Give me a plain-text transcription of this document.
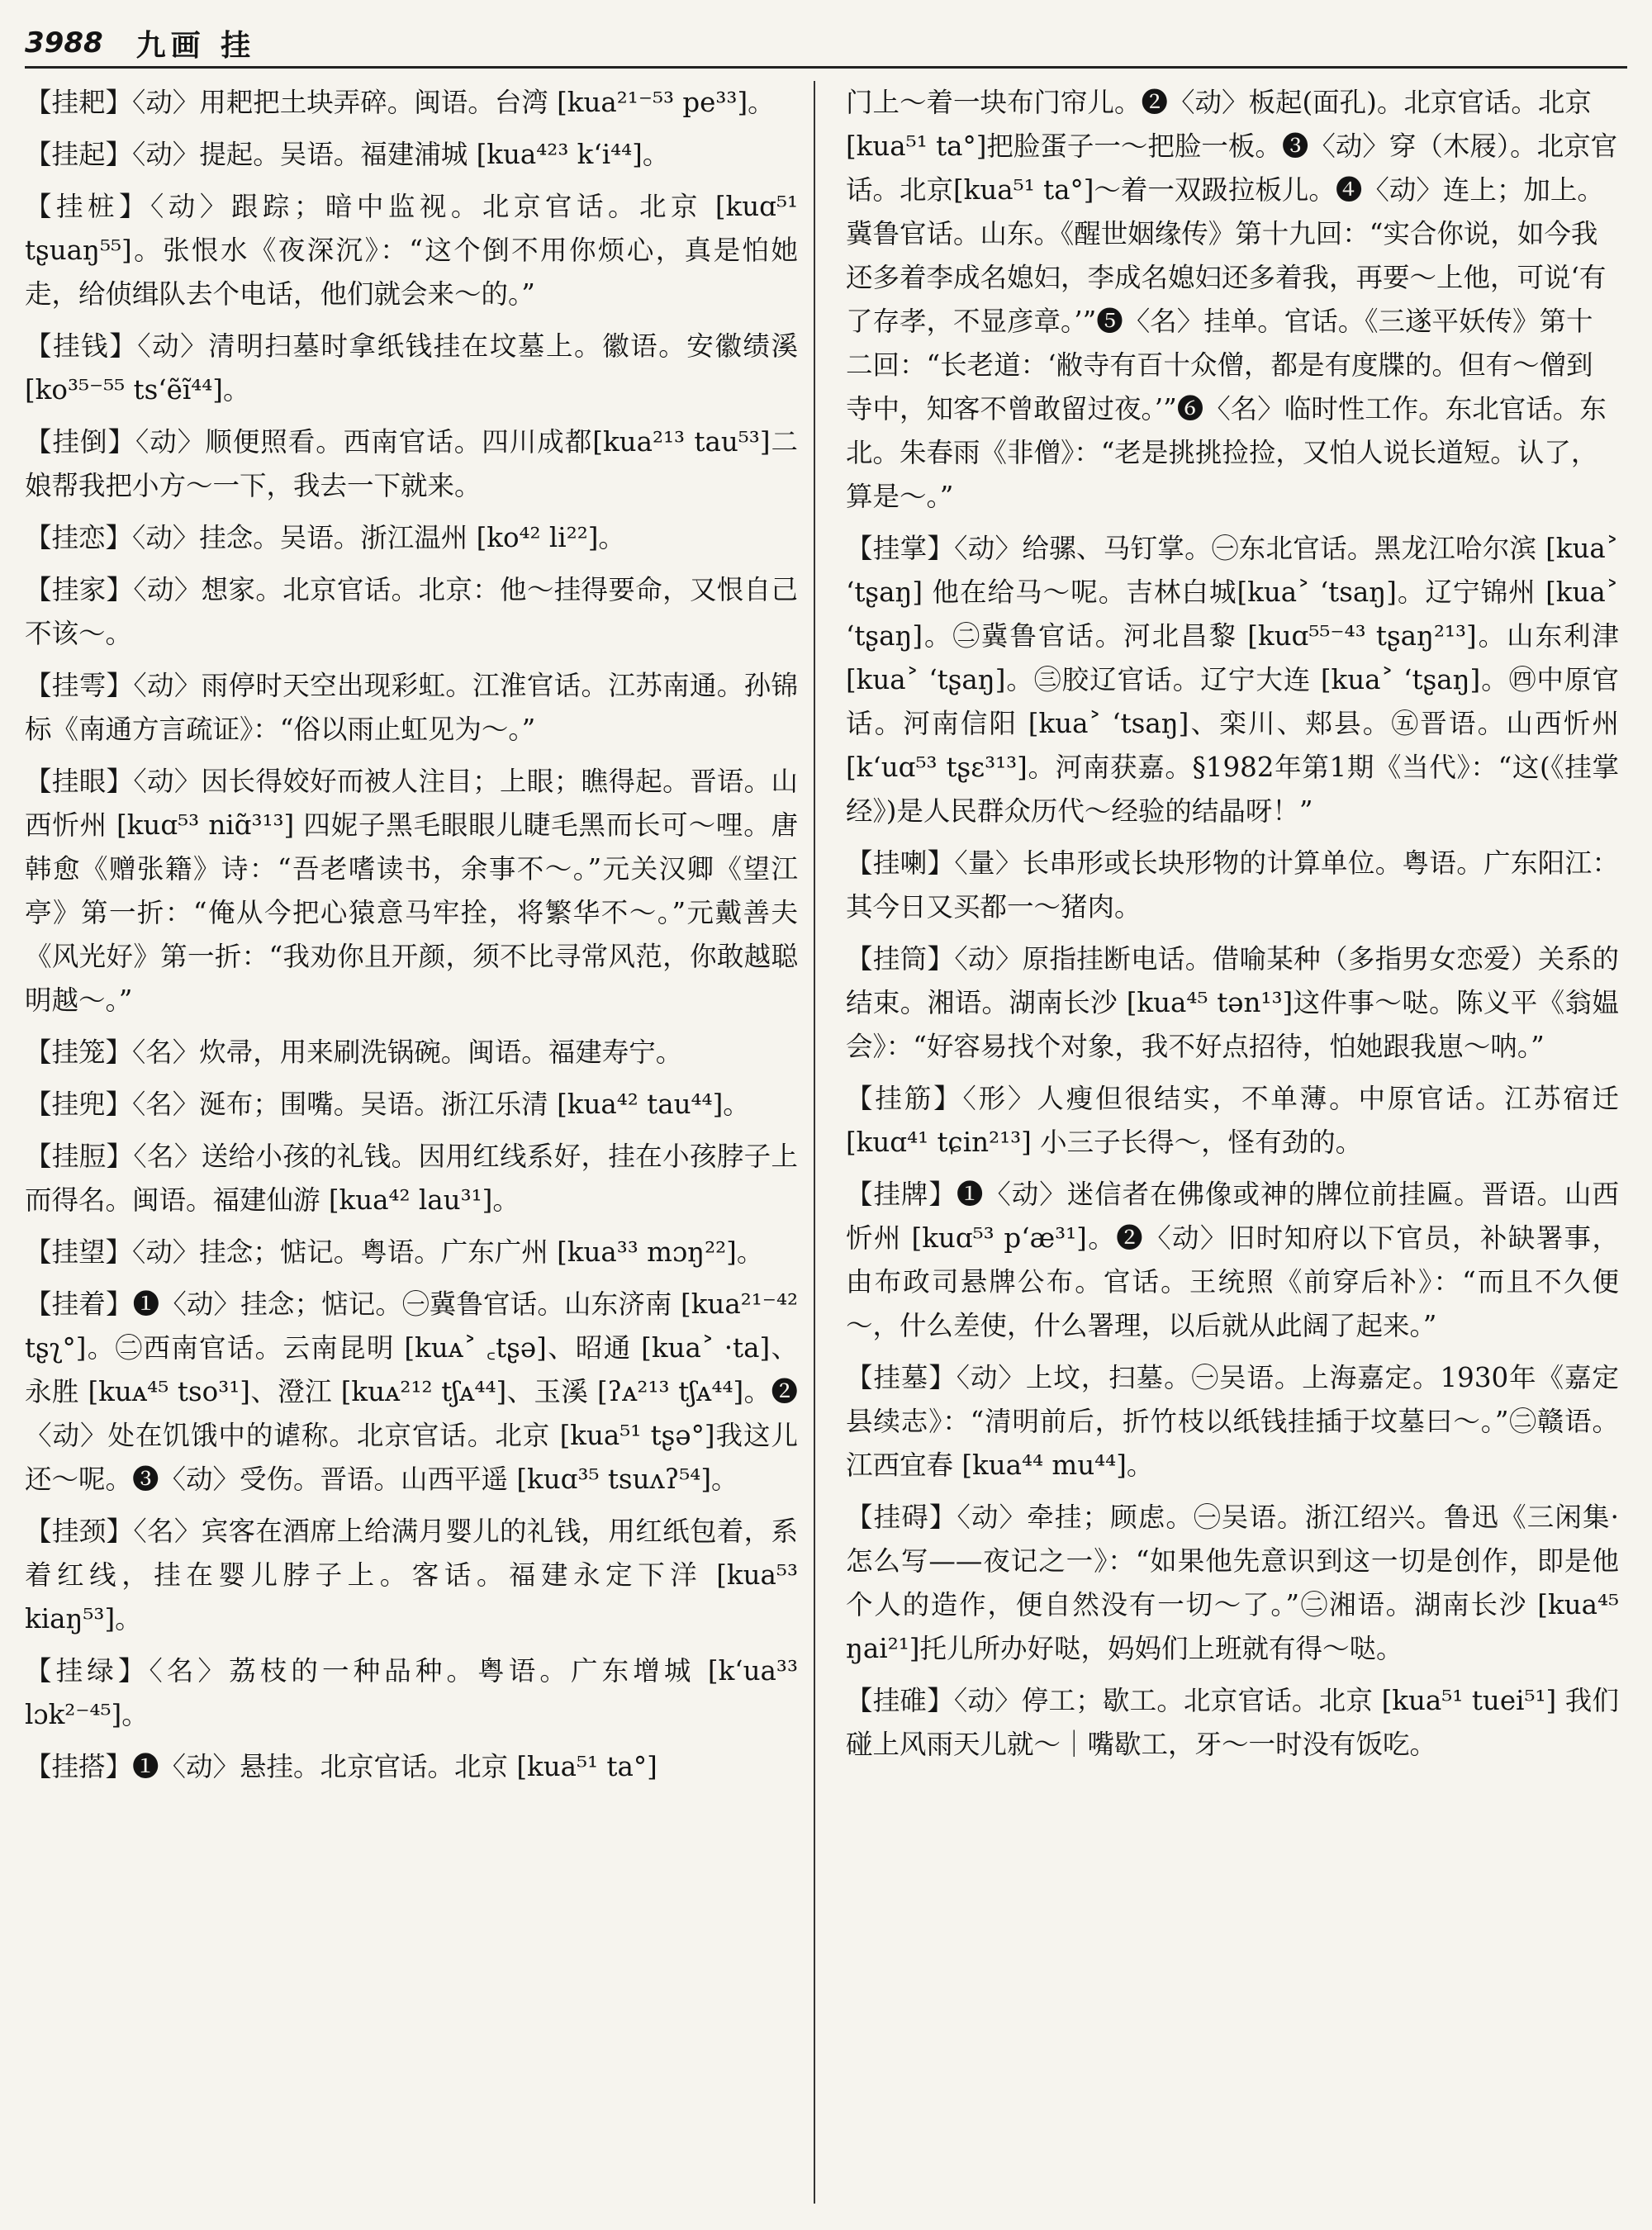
3988 九画 挂

【挂耙】〈动〉用耙把土块弄碎。闽语。台湾 [kua²¹⁻⁵³ pe³³]。

【挂起】〈动〉提起。吴语。福建浦城 [kua⁴²³ k‘i⁴⁴]。

【挂桩】〈动〉跟踪；暗中监视。北京官话。北京 [kuɑ⁵¹ tʂuaŋ⁵⁵]。张恨水《夜深沉》：“这个倒不用你烦心，真是怕她走，给侦缉队去个电话，他们就会来～的。”

【挂钱】〈动〉清明扫墓时拿纸钱挂在坟墓上。徽语。安徽绩溪 [ko³⁵⁻⁵⁵ ts‘ẽĩ⁴⁴]。

【挂倒】〈动〉顺便照看。西南官话。四川成都[kua²¹³ tau⁵³]二娘帮我把小方～一下，我去一下就来。

【挂恋】〈动〉挂念。吴语。浙江温州 [ko⁴² li²²]。

【挂家】〈动〉想家。北京官话。北京：他～挂得要命，又恨自己不该～。

【挂雩】〈动〉雨停时天空出现彩虹。江淮官话。江苏南通。孙锦标《南通方言疏证》：“俗以雨止虹见为～。”

【挂眼】〈动〉因长得姣好而被人注目；上眼；瞧得起。晋语。山西忻州 [kuɑ⁵³ niɑ̃³¹³] 四妮子黑毛眼眼儿睫毛黑而长可～哩。唐韩愈《赠张籍》诗：“吾老嗜读书，余事不～。”元关汉卿《望江亭》第一折：“俺从今把心猿意马牢拴，将繁华不～。”元戴善夫《风光好》第一折：“我劝你且开颜，须不比寻常风范，你敢越聪明越～。”

【挂笼】〈名〉炊帚，用来刷洗锅碗。闽语。福建寿宁。

【挂兜】〈名〉涎布；围嘴。吴语。浙江乐清 [kua⁴² tau⁴⁴]。

【挂脰】〈名〉送给小孩的礼钱。因用红线系好，挂在小孩脖子上而得名。闽语。福建仙游 [kua⁴² lau³¹]。

【挂望】〈动〉挂念；惦记。粤语。广东广州 [kua³³ mɔŋ²²]。

【挂着】❶〈动〉挂念；惦记。㊀冀鲁官话。山东济南 [kua²¹⁻⁴² tʂʅ°]。㊁西南官话。云南昆明 [kuᴀ˃ ꜀tʂə]、昭通 [kua˃ ·ta]、永胜 [kuᴀ⁴⁵ tso³¹]、澄江 [kuᴀ²¹² tʃᴀ⁴⁴]、玉溪 [ʔᴀ²¹³ tʃᴀ⁴⁴]。❷〈动〉处在饥饿中的谑称。北京官话。北京 [kua⁵¹ tʂə°]我这儿还～呢。❸〈动〉受伤。晋语。山西平遥 [kuɑ³⁵ tsuʌʔ⁵⁴]。

【挂颈】〈名〉宾客在酒席上给满月婴儿的礼钱，用红纸包着，系着红线，挂在婴儿脖子上。客话。福建永定下洋 [kua⁵³ kiaŋ⁵³]。

【挂绿】〈名〉荔枝的一种品种。粤语。广东增城 [k‘ua³³ lɔk²⁻⁴⁵]。

【挂搭】❶〈动〉悬挂。北京官话。北京 [kua⁵¹ ta°]

门上～着一块布门帘儿。❷〈动〉板起(面孔)。北京官话。北京 [kua⁵¹ ta°]把脸蛋子一～把脸一板。❸〈动〉穿（木屐）。北京官话。北京[kua⁵¹ ta°]～着一双趿拉板儿。❹〈动〉连上；加上。冀鲁官话。山东。《醒世姻缘传》第十九回：“实合你说，如今我还多着李成名媳妇，李成名媳妇还多着我，再要～上他，可说‘有了存孝，不显彦章。’”❺〈名〉挂单。官话。《三遂平妖传》第十二回：“长老道：‘敝寺有百十众僧，都是有度牒的。但有～僧到寺中，知客不曾敢留过夜。’”❻〈名〉临时性工作。东北官话。东北。朱春雨《非僧》：“老是挑挑捡捡，又怕人说长道短。认了，算是～。”

【挂掌】〈动〉给骡、马钉掌。㊀东北官话。黑龙江哈尔滨 [kua˃ ‘tʂaŋ] 他在给马～呢。吉林白城[kua˃ ‘tsaŋ]。辽宁锦州 [kua˃ ‘tʂaŋ]。㊁冀鲁官话。河北昌黎 [kuɑ⁵⁵⁻⁴³ tʂaŋ²¹³]。山东利津 [kua˃ ‘tʂaŋ]。㊂胶辽官话。辽宁大连 [kua˃ ‘tʂaŋ]。㊃中原官话。河南信阳 [kua˃ ‘tsaŋ]、栾川、郏县。㊄晋语。山西忻州 [k‘uɑ⁵³ tʂɛ³¹³]。河南获嘉。§1982年第1期《当代》：“这(《挂掌经》)是人民群众历代～经验的结晶呀！”

【挂喇】〈量〉长串形或长块形物的计算单位。粤语。广东阳江：其今日又买都一～猪肉。

【挂筒】〈动〉原指挂断电话。借喻某种（多指男女恋爱）关系的结束。湘语。湖南长沙 [kua⁴⁵ tən¹³]这件事～哒。陈义平《翁媪会》：“好容易找个对象，我不好点招待，怕她跟我崽～呐。”

【挂筋】〈形〉人瘦但很结实，不单薄。中原官话。江苏宿迁 [kuɑ⁴¹ tɕin²¹³] 小三子长得～，怪有劲的。

【挂牌】❶〈动〉迷信者在佛像或神的牌位前挂匾。晋语。山西忻州 [kuɑ⁵³ p‘æ³¹]。❷〈动〉旧时知府以下官员，补缺署事，由布政司悬牌公布。官话。王统照《前穿后补》：“而且不久便～，什么差使，什么署理，以后就从此阔了起来。”

【挂墓】〈动〉上坟，扫墓。㊀吴语。上海嘉定。1930年《嘉定县续志》：“清明前后，折竹枝以纸钱挂插于坟墓曰～。”㊁赣语。江西宜春 [kua⁴⁴ mu⁴⁴]。

【挂碍】〈动〉牵挂；顾虑。㊀吴语。浙江绍兴。鲁迅《三闲集·怎么写——夜记之一》：“如果他先意识到这一切是创作，即是他个人的造作，便自然没有一切～了。”㊁湘语。湖南长沙 [kua⁴⁵ ŋai²¹]托儿所办好哒，妈妈们上班就有得～哒。

【挂碓】〈动〉停工；歇工。北京官话。北京 [kua⁵¹ tuei⁵¹] 我们碰上风雨天儿就～｜嘴歇工，牙～一时没有饭吃。
